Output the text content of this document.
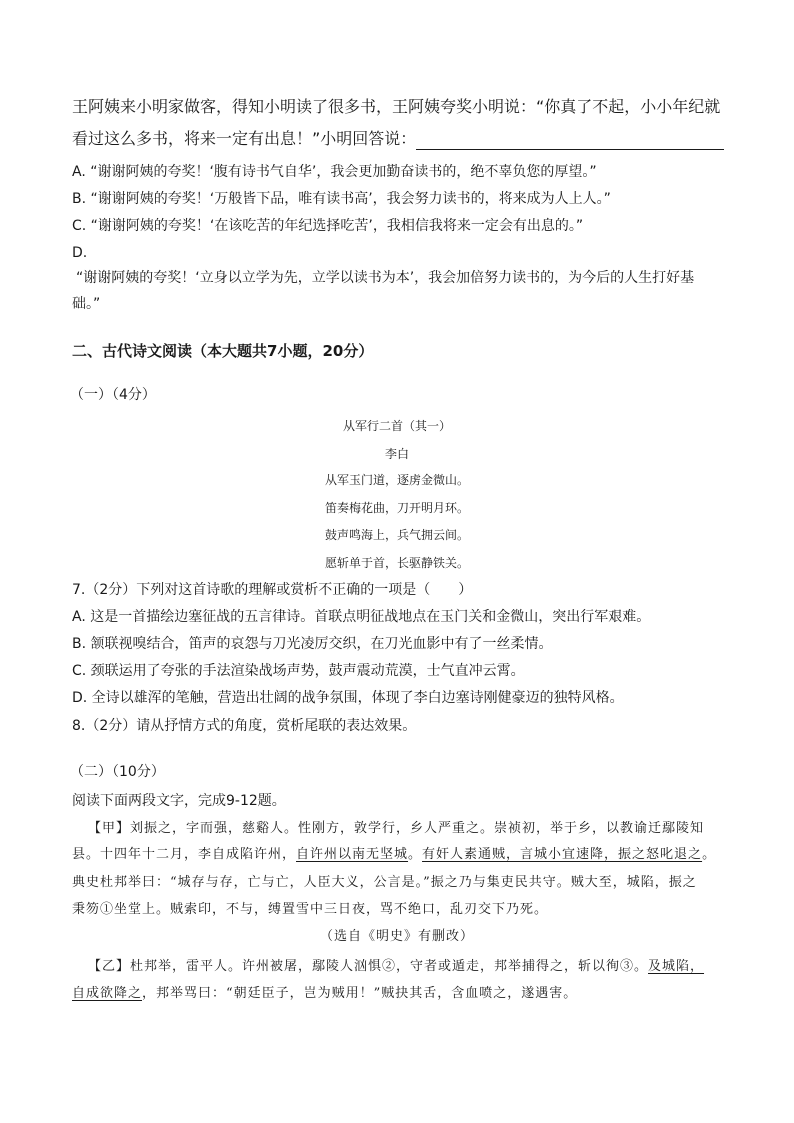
王阿姨来小明家做客，得知小明读了很多书，王阿姨夸奖小明说：“你真了不起，小小年纪就
看过这么多书，将来一定有出息！”小明回答说：
A. “谢谢阿姨的夸奖！‘腹有诗书气自华’，我会更加勤奋读书的，绝不辜负您的厚望。”
B. “谢谢阿姨的夸奖！‘万般皆下品，唯有读书高’，我会努力读书的，将来成为人上人。”
C. “谢谢阿姨的夸奖！‘在该吃苦的年纪选择吃苦’，我相信我将来一定会有出息的。”
D.
“谢谢阿姨的夸奖！‘立身以立学为先，立学以读书为本’，我会加倍努力读书的，为今后的人生打好基
础。”
二、古代诗文阅读（本大题共7小题，20分）
（一）（4分）
从军行二首（其一）
李白
从军玉门道，逐虏金微山。
笛奏梅花曲，刀开明月环。
鼓声鸣海上，兵气拥云间。
愿斩单于首，长驱静铁关。
7.（2分）下列对这首诗歌的理解或赏析不正确的一项是（　　）
A. 这是一首描绘边塞征战的五言律诗。首联点明征战地点在玉门关和金微山，突出行军艰难。
B. 颔联视嗅结合，笛声的哀怨与刀光凌厉交织，在刀光血影中有了一丝柔情。
C. 颈联运用了夸张的手法渲染战场声势，鼓声震动荒漠，士气直冲云霄。
D. 全诗以雄浑的笔触，营造出壮阔的战争氛围，体现了李白边塞诗刚健豪迈的独特风格。
8.（2分）请从抒情方式的角度，赏析尾联的表达效果。
（二）（10分）
阅读下面两段文字，完成9-12题。
【甲】刘振之，字而强，慈谿人。性刚方，敦学行，乡人严重之。崇祯初，举于乡，以教谕迁鄢陵知
县。十四年十二月，李自成陷许州，自许州以南无坚城。有奸人素通贼，言城小宜速降，振之怒叱退之。
典史杜邦举曰：“城存与存，亡与亡，人臣大义，公言是。”振之乃与集吏民共守。贼大至，城陷，振之
秉笏①坐堂上。贼索印，不与，缚置雪中三日夜，骂不绝口，乱刃交下乃死。
（选自《明史》有删改）
【乙】杜邦举，雷平人。许州被屠，鄢陵人汹惧②，守者或遁走，邦举捕得之，斩以徇③。及城陷，
自成欲降之，邦举骂曰：“朝廷臣子，岂为贼用！”贼抉其舌，含血喷之，遂遇害。
